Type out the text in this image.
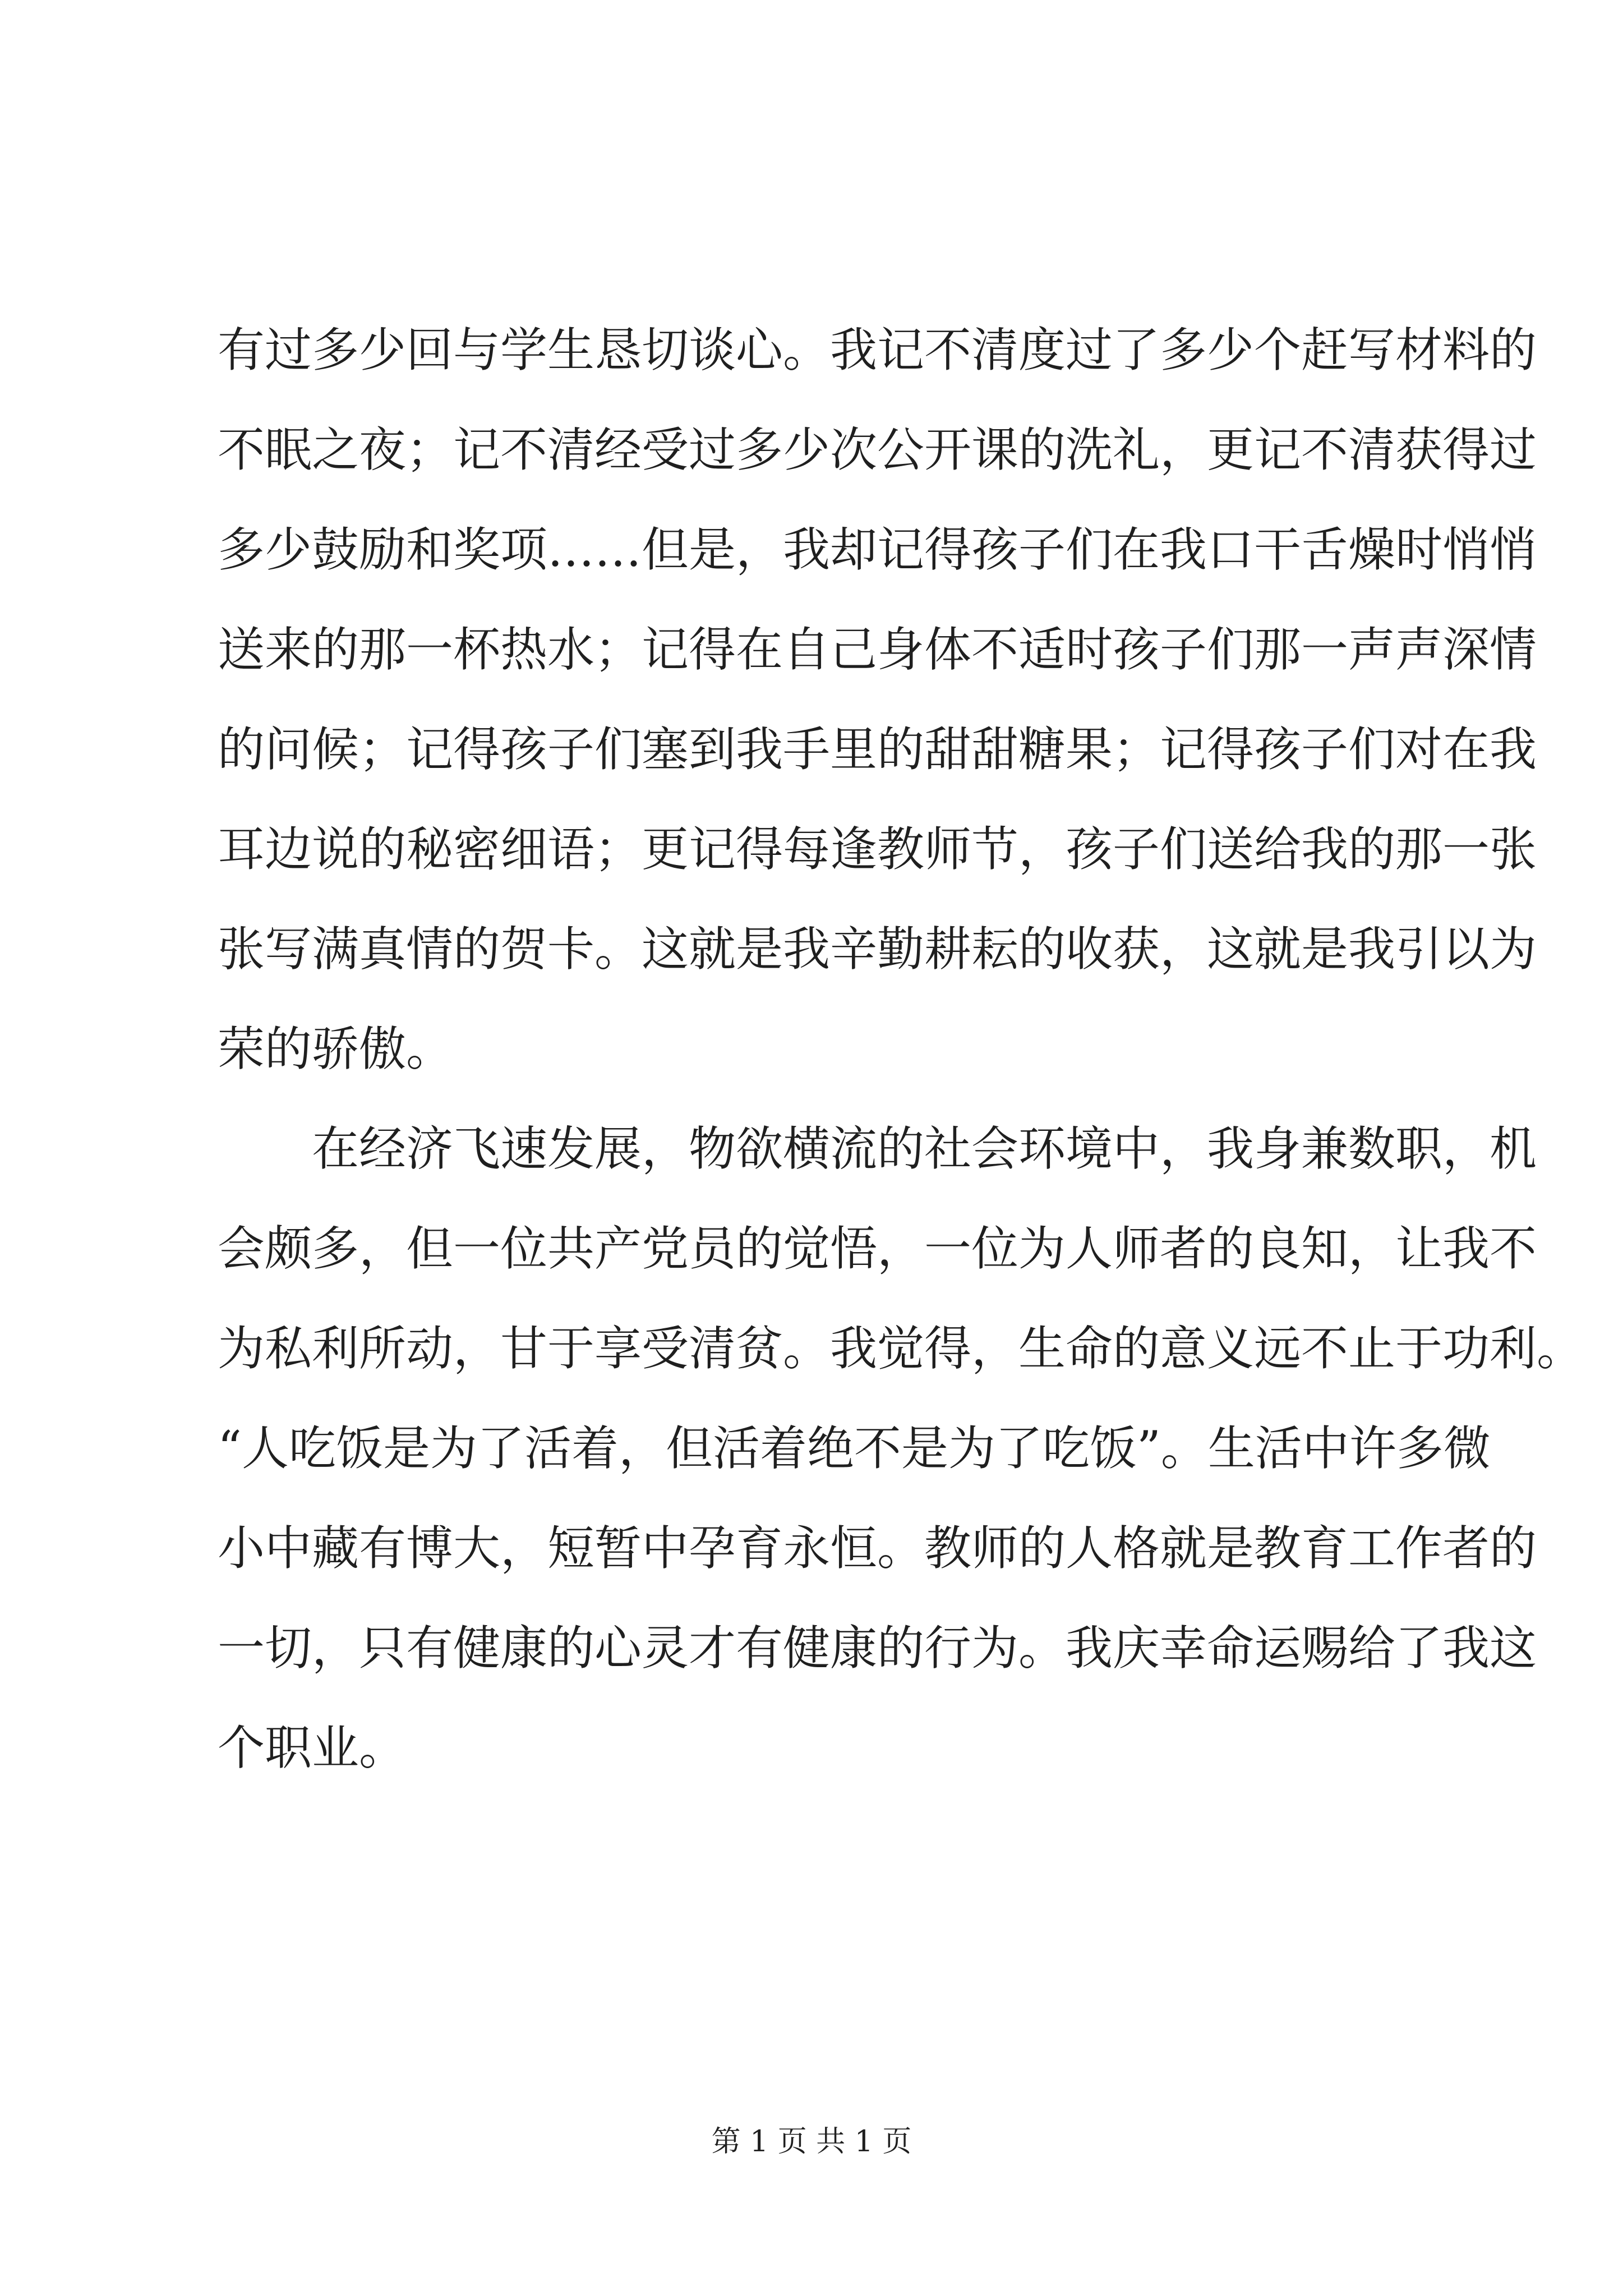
有过多少回与学生恳切谈心。我记不清度过了多少个赶写材料的
不眠之夜；记不清经受过多少次公开课的洗礼，更记不清获得过
多少鼓励和奖项……但是，我却记得孩子们在我口干舌燥时悄悄
送来的那一杯热水；记得在自己身体不适时孩子们那一声声深情
的问候；记得孩子们塞到我手里的甜甜糖果；记得孩子们对在我
耳边说的秘密细语；更记得每逢教师节，孩子们送给我的那一张
张写满真情的贺卡。这就是我辛勤耕耘的收获，这就是我引以为
荣的骄傲。
　　在经济飞速发展，物欲横流的社会环境中，我身兼数职，机
会颇多，但一位共产党员的觉悟，一位为人师者的良知，让我不
为私利所动，甘于享受清贫。我觉得，生命的意义远不止于功利。
“人吃饭是为了活着，但活着绝不是为了吃饭”。生活中许多微
小中藏有博大，短暂中孕育永恒。教师的人格就是教育工作者的
一切，只有健康的心灵才有健康的行为。我庆幸命运赐给了我这
个职业。
第 1 页 共 1 页
